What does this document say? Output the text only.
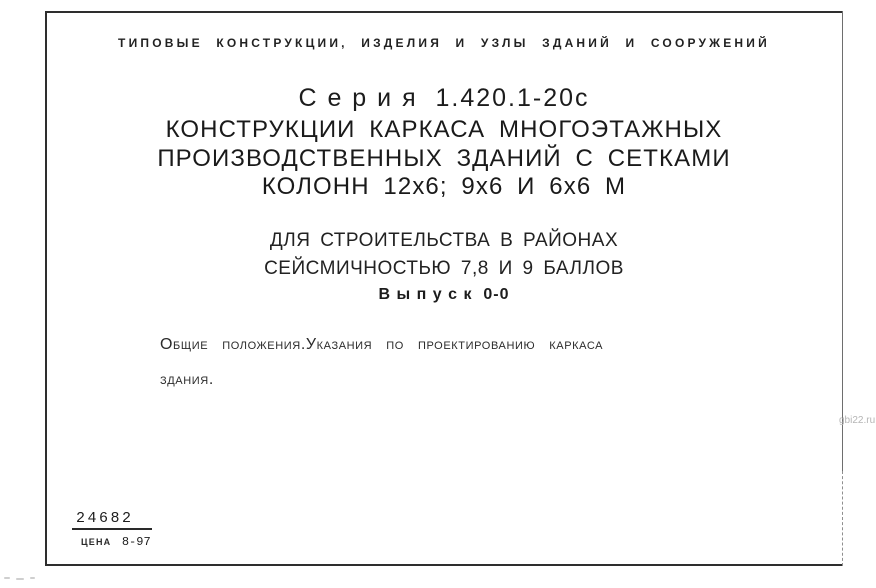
ТИПОВЫЕ КОНСТРУКЦИИ, ИЗДЕЛИЯ И УЗЛЫ ЗДАНИЙ И СООРУЖЕНИЙ
С е р и я  1.420.1-20с
КОНСТРУКЦИИ КАРКАСА МНОГОЭТАЖНЫХ
ПРОИЗВОДСТВЕННЫХ ЗДАНИЙ С СЕТКАМИ
КОЛОНН 12х6; 9х6 И 6х6 М
ДЛЯ СТРОИТЕЛЬСТВА В РАЙОНАХ
СЕЙСМИЧНОСТЬЮ 7,8 И 9 БАЛЛОВ
В ы п у с к  0-0
Общие положения.Указания по проектированию каркаса
здания.
24682
ЦЕНА 8-97
gbi22.ru
